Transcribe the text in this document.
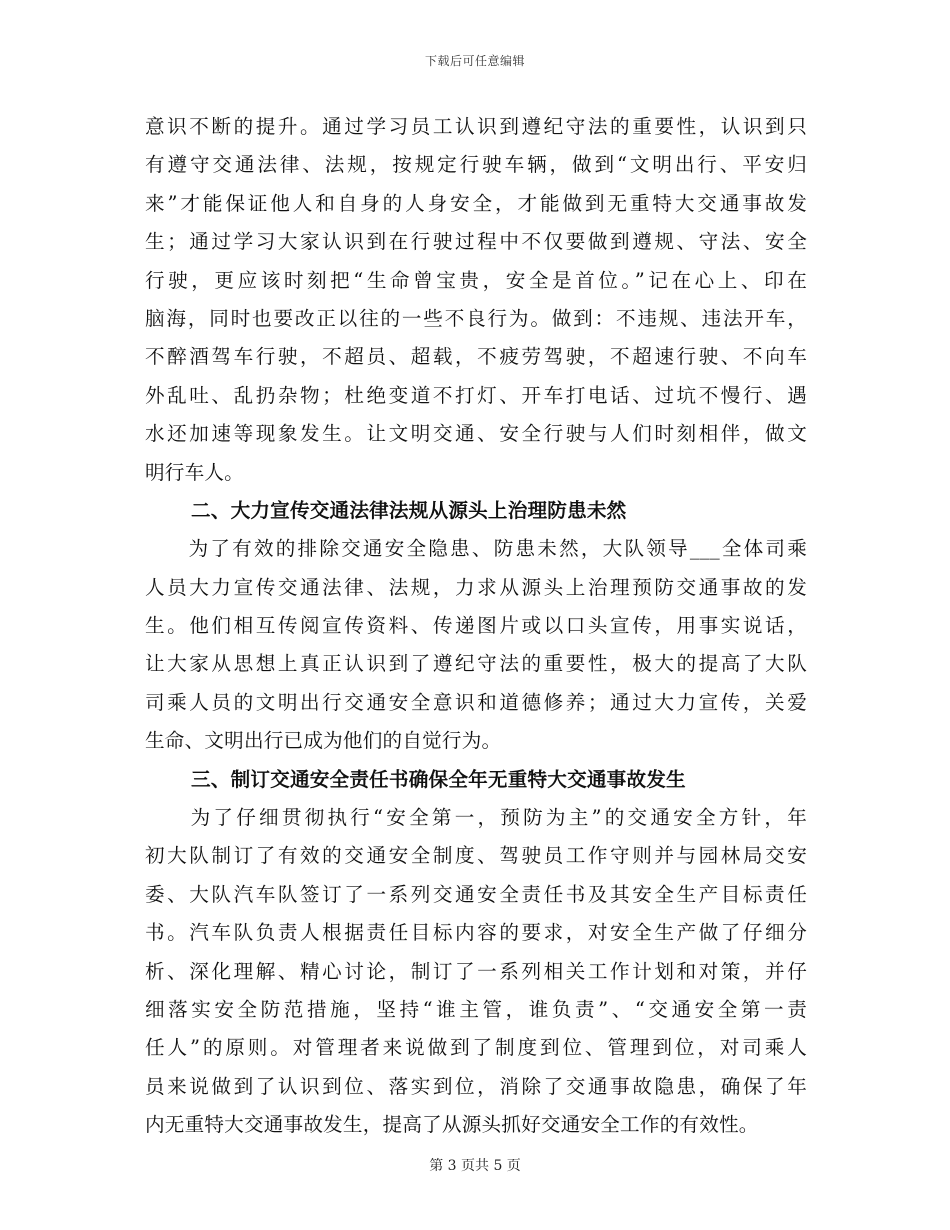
下载后可任意编辑
意识不断的提升。通过学习员工认识到遵纪守法的重要性，认识到只
有遵守交通法律、法规，按规定行驶车辆，做到“文明出行、平安归
来”才能保证他人和自身的人身安全，才能做到无重特大交通事故发
生；通过学习大家认识到在行驶过程中不仅要做到遵规、守法、安全
行驶，更应该时刻把“生命曾宝贵，安全是首位。”记在心上、印在
脑海，同时也要改正以往的一些不良行为。做到：不违规、违法开车，
不醉酒驾车行驶，不超员、超载，不疲劳驾驶，不超速行驶、不向车
外乱吐、乱扔杂物；杜绝变道不打灯、开车打电话、过坑不慢行、遇
水还加速等现象发生。让文明交通、安全行驶与人们时刻相伴，做文
明行车人。
二、大力宣传交通法律法规从源头上治理防患未然
　　为了有效的排除交通安全隐患、防患未然，大队领导___全体司乘
人员大力宣传交通法律、法规，力求从源头上治理预防交通事故的发
生。他们相互传阅宣传资料、传递图片或以口头宣传，用事实说话，
让大家从思想上真正认识到了遵纪守法的重要性，极大的提高了大队
司乘人员的文明出行交通安全意识和道德修养；通过大力宣传，关爱
生命、文明出行已成为他们的自觉行为。
三、制订交通安全责任书确保全年无重特大交通事故发生
　　为了仔细贯彻执行“安全第一，预防为主”的交通安全方针，年
初大队制订了有效的交通安全制度、驾驶员工作守则并与园林局交安
委、大队汽车队签订了一系列交通安全责任书及其安全生产目标责任
书。汽车队负责人根据责任目标内容的要求，对安全生产做了仔细分
析、深化理解、精心讨论，制订了一系列相关工作计划和对策，并仔
细落实安全防范措施，坚持“谁主管，谁负责”、“交通安全第一责
任人”的原则。对管理者来说做到了制度到位、管理到位，对司乘人
员来说做到了认识到位、落实到位，消除了交通事故隐患，确保了年
内无重特大交通事故发生，提高了从源头抓好交通安全工作的有效性。
第 3 页共 5 页
